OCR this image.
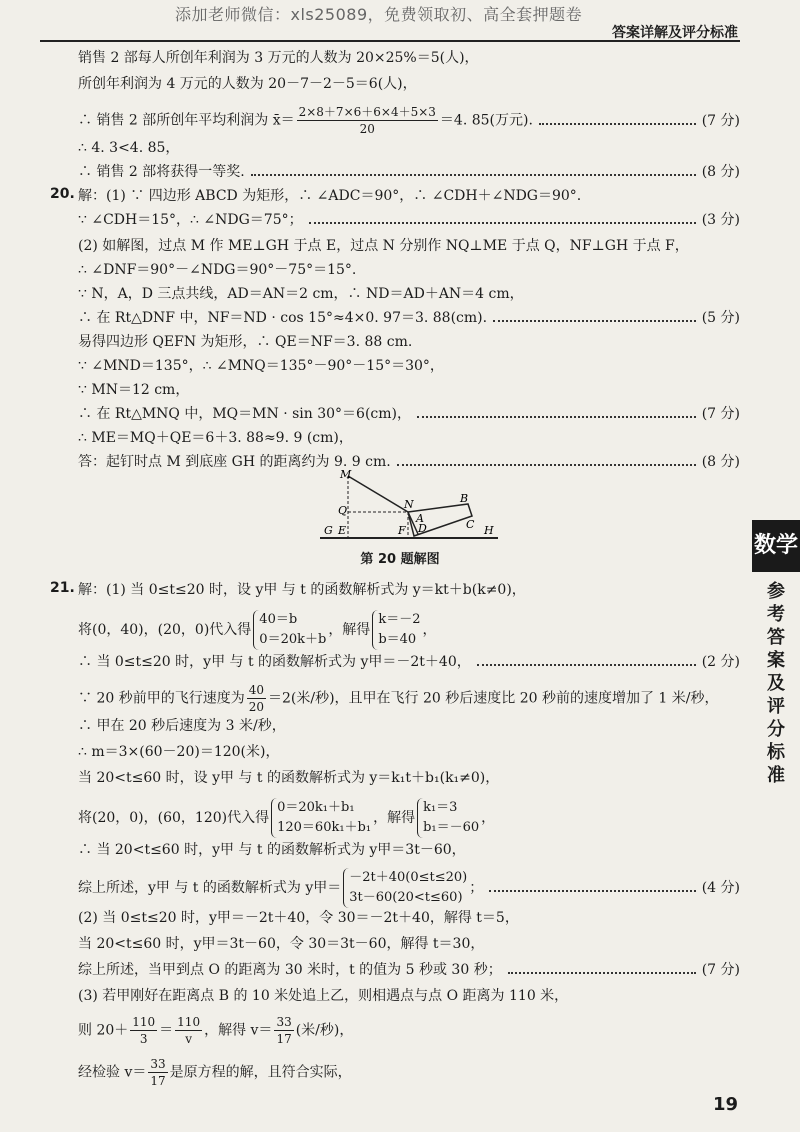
添加老师微信：xls25089，免费领取初、高全套押题卷
答案详解及评分标准
数学
参
考
答
案
及
评
分
标
准
销售 2 部每人所创年利润为 3 万元的人数为 20×25%＝5(人)，
所创年利润为 4 万元的人数为 20－7－2－5＝6(人)，
∴ 销售 2 部所创年平均利润为 x̄＝ $\frac{2\times 8+7\times 6+6\times 4+5\times 3}{20} =4$. 85(万元).	(7 分)
∴ 4. 3<4. 85，
∴ 销售 2 部将获得一等奖.	(8 分)
20. 解：(1) ∵ 四边形 ABCD 为矩形，∴ ∠ADC＝90°，∴ ∠CDH＋∠NDG＝90°.
∵ ∠CDH＝15°，∴ ∠NDG＝75°；	(3 分)
(2) 如解图，过点 M 作 ME⊥GH 于点 E，过点 N 分别作 NQ⊥ME 于点 Q，NF⊥GH 于点 F，
∴ ∠DNF＝90°－∠NDG＝90°－75°＝15°.
∵ N，A，D 三点共线，AD＝AN＝2 cm，∴ ND＝AD＋AN＝4 cm，
∴ 在 Rt△DNF 中，NF＝ND · cos 15°≈4×0. 97＝3. 88(cm).	(5 分)
易得四边形 QEFN 为矩形，∴ QE＝NF＝3. 88 cm.
∵ ∠MND＝135°，∴ ∠MNQ＝135°－90°－15°＝30°，
∵ MN＝12 cm，
∴ 在 Rt△MNQ 中，MQ＝MN · sin 30°＝6(cm)，	(7 分)
∴ ME＝MQ＋QE＝6＋3. 88≈9. 9 (cm)，
答：起钉时点 M 到底座 GH 的距离约为 9. 9 cm.	(8 分)
M
Q	N
A
B
C
G E	F D	H
第 20 题解图
21. 解：(1) 当 0≤t≤20 时，设 y甲 与 t 的函数解析式为 y＝kt＋b(k≠0)，
将(0，40)，(20，0)代入得
40＝b
0＝20k＋b
，解得
k＝－2
b＝40
，
∴ 当 0≤t≤20 时，y甲 与 t 的函数解析式为 y甲＝－2t＋40，	(2 分)
∵ 20 秒前甲的飞行速度为 $\frac{40}{20} =2$(米/秒)，且甲在飞行 20 秒后速度比 20 秒前的速度增加了 1 米/秒，
∴ 甲在 20 秒后速度为 3 米/秒，
∴ m＝3×(60－20)＝120(米)，
当 20<t≤60 时，设 y甲 与 t 的函数解析式为 y＝k₁t＋b₁(k₁≠0)，
将(20，0)，(60，120)代入得
0＝20k₁＋b₁
120＝60k₁＋b₁
，解得
k₁＝3
b₁＝－60
，
∴ 当 20<t≤60 时，y甲 与 t 的函数解析式为 y甲＝3t－60，
综上所述，y甲 与 t 的函数解析式为 y甲＝
－2t＋40(0≤t≤20)
3t－60(20<t≤60)
；	(4 分)
(2) 当 0≤t≤20 时，y甲＝－2t＋40，令 30＝－2t＋40，解得 t＝5，
当 20<t≤60 时，y甲＝3t－60，令 30＝3t－60，解得 t＝30，
综上所述，当甲到点 O 的距离为 30 米时，t 的值为 5 秒或 30 秒；	(7 分)
(3) 若甲刚好在距离点 B 的 10 米处追上乙，则相遇点与点 O 距离为 110 米，
则 $20+ \frac{110}{3} = \frac{110}{v}$ ，解得 $v= \frac{33}{17}$ (米/秒)，
经检验 $v= \frac{33}{17}$ 是原方程的解，且符合实际，
19
